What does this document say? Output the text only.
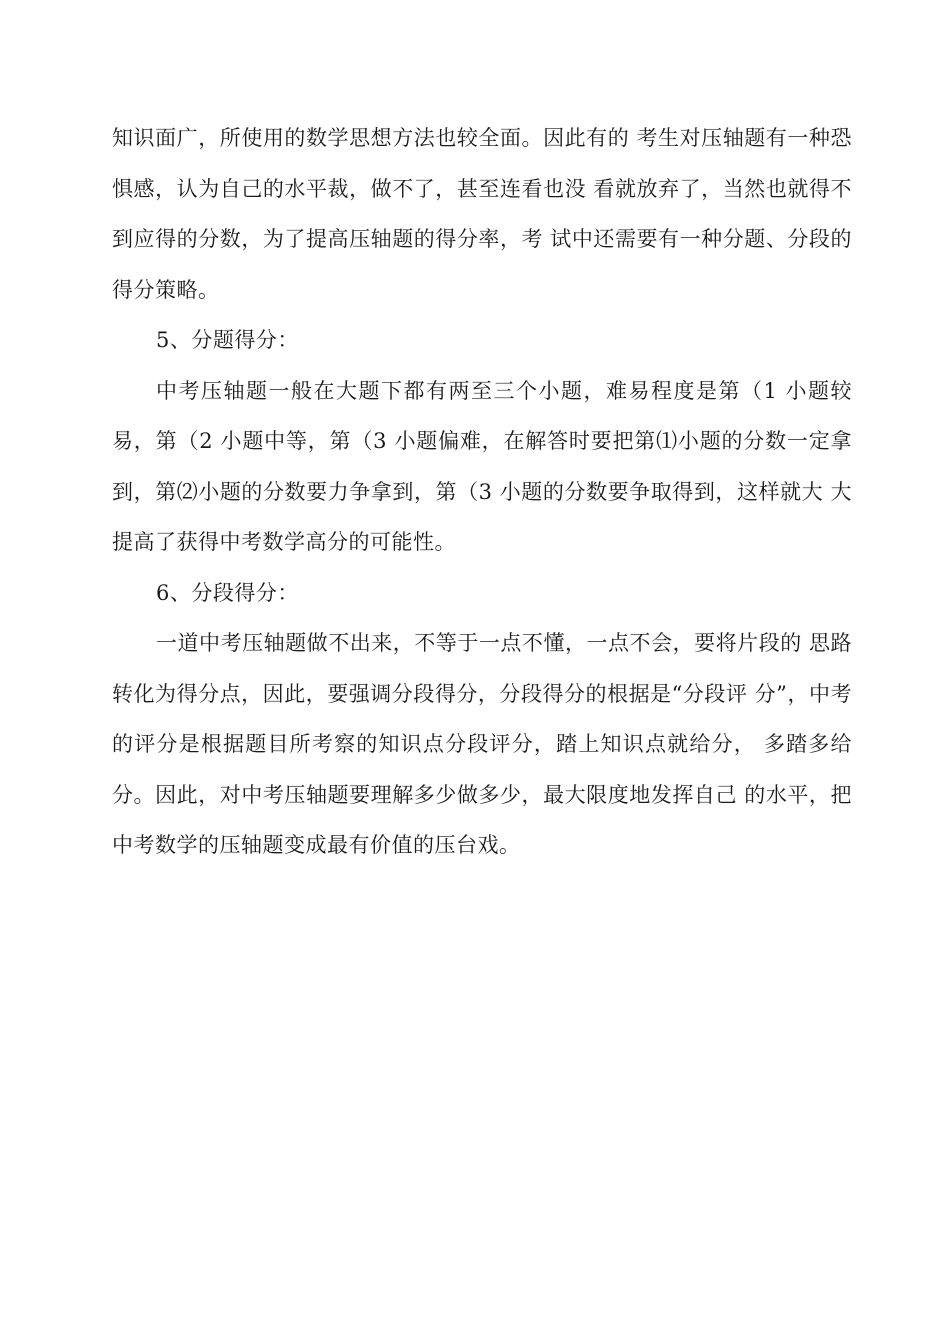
知识面广，所使用的数学思想方法也较全面。因此有的 考生对压轴题有一种恐惧感，认为自己的水平裁，做不了，甚至连看也没 看就放弃了，当然也就得不到应得的分数，为了提高压轴题的得分率，考 试中还需要有一种分题、分段的得分策略。

5、分题得分：

中考压轴题一般在大题下都有两至三个小题，难易程度是第（1 小题较易，第（2 小题中等，第（3 小题偏难，在解答时要把第⑴小题的分数一定拿到，第⑵小题的分数要力争拿到，第（3 小题的分数要争取得到，这样就大 大提高了获得中考数学高分的可能性。

6、分段得分：

一道中考压轴题做不出来，不等于一点不懂，一点不会，要将片段的 思路转化为得分点，因此，要强调分段得分，分段得分的根据是“分段评 分”，中考的评分是根据题目所考察的知识点分段评分，踏上知识点就给分， 多踏多给分。因此，对中考压轴题要理解多少做多少，最大限度地发挥自己 的水平，把中考数学的压轴题变成最有价值的压台戏。
